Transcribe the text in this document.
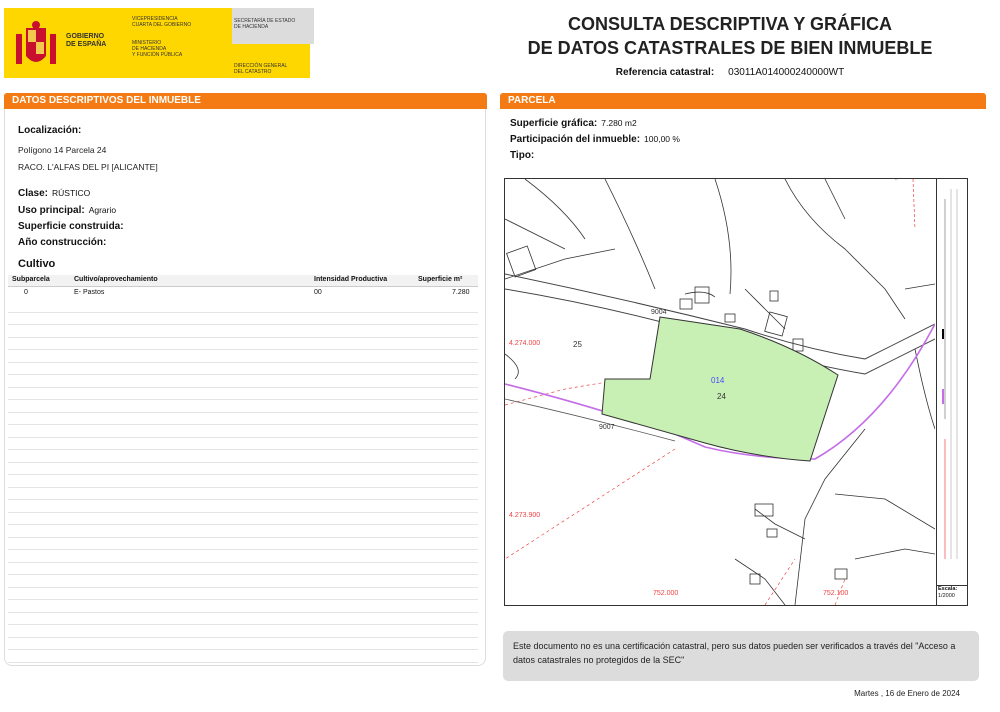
GOBIERNO
DE ESPAÑA
VICEPRESIDENCIA
CUARTA DEL GOBIERNO
MINISTERIO
DE HACIENDA
Y FUNCIÓN PÚBLICA
SECRETARÍA DE ESTADO
DE HACIENDA
DIRECCIÓN GENERAL
DEL CATASTRO
CONSULTA DESCRIPTIVA Y GRÁFICA
DE DATOS CATASTRALES DE BIEN INMUEBLE
Referencia catastral: 03011A014000240000WT
DATOS DESCRIPTIVOS DEL INMUEBLE
Localización:
Polígono 14 Parcela 24
RACO. L'ALFAS DEL PI [ALICANTE]
Clase: RÚSTICO
Uso principal: Agrario
Superficie construida:
Año construcción:
Cultivo
Subparcela	Cultivo/aprovechamiento	Intensidad Productiva	Superficie m²
0	E- Pastos	00	7.280
PARCELA
Superficie gráfica: 7.280 m2
Participación del inmueble: 100,00 %
Tipo:
4.274.000
4.273.900
752.000	752.100
014
24
25
9004
9007
Escala:
1/2000
Este documento no es una certificación catastral, pero sus datos pueden ser verificados a través del "Acceso a datos catastrales no protegidos de la SEC"
Martes , 16 de Enero de 2024
